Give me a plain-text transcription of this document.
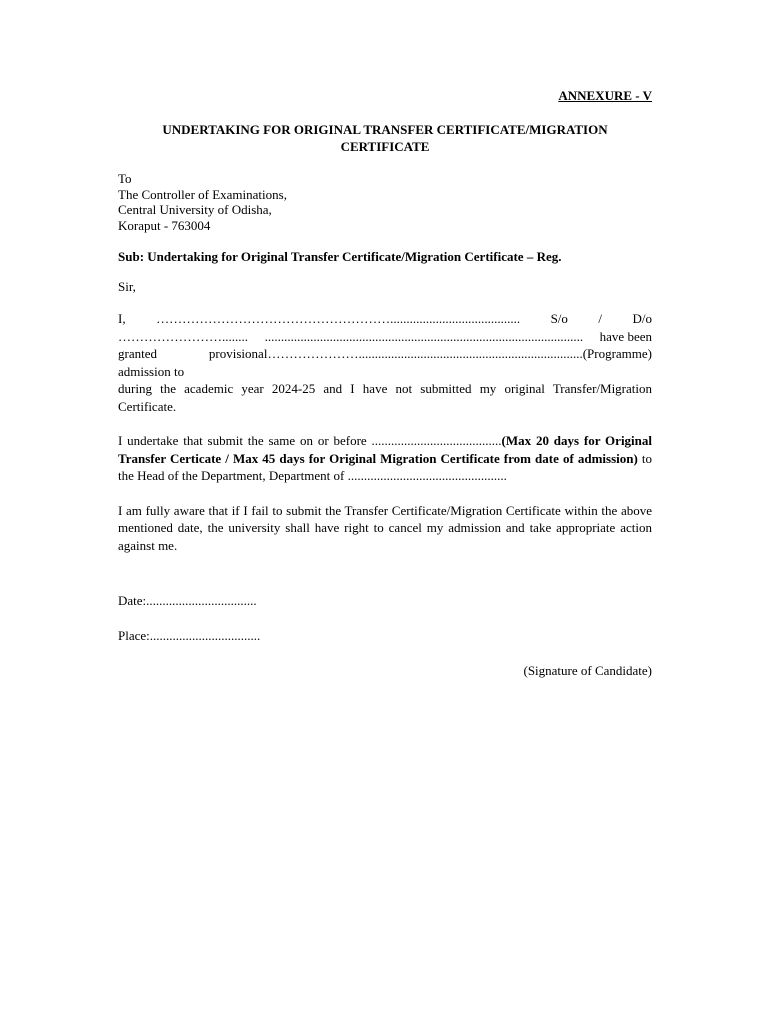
ANNEXURE - V

UNDERTAKING FOR ORIGINAL TRANSFER CERTIFICATE/MIGRATION
CERTIFICATE
To
The Controller of Examinations,
Central University of Odisha,
Koraput - 763004

Sub: Undertaking for Original Transfer Certificate/Migration Certificate – Reg.

Sir,

I, ………………………………………………........................................ S/o / D/o
……………………........ .................................................................................................. have been
granted provisional admission to
…………………..................................................................... (Programme)
during the academic year 2024-25 and I have not submitted my original Transfer/Migration Certificate.
I undertake that submit the same on or before ........................................(Max 20 days for Original Transfer Certicate / Max 45 days for Original Migration Certificate from date of admission) to the Head of the Department, Department of .................................................
I am fully aware that if I fail to submit the Transfer Certificate/Migration Certificate within the above mentioned date, the university shall have right to cancel my admission and take appropriate action against me.
Date:..................................
Place:..................................
(Signature of Candidate)
